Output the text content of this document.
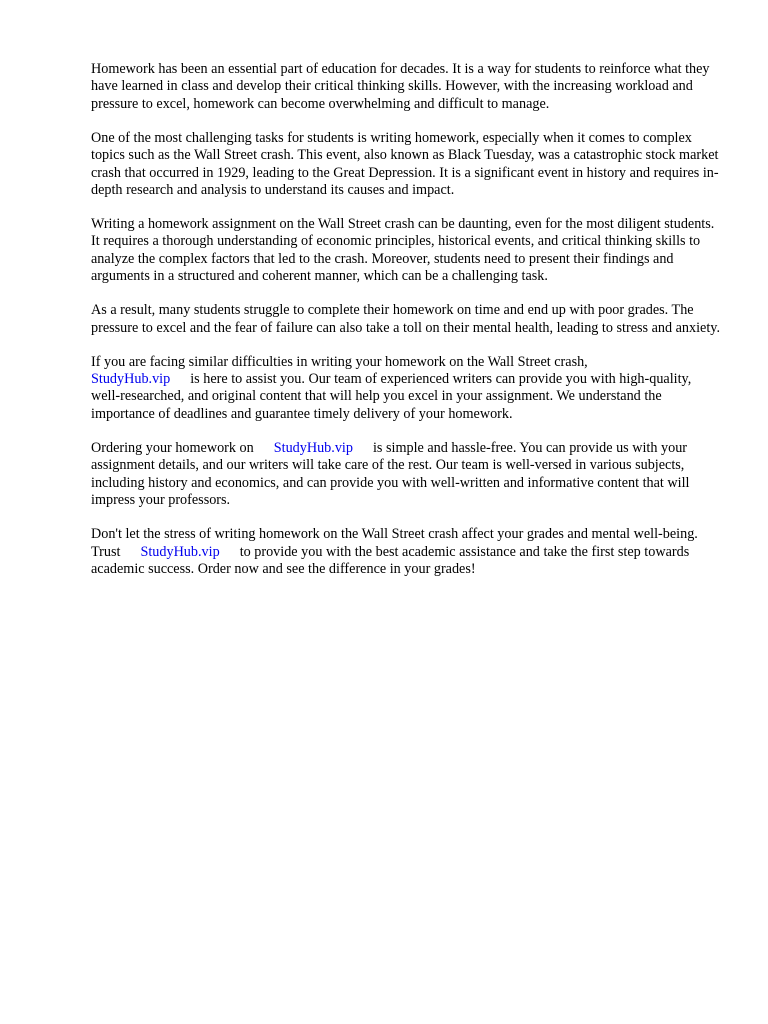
Homework has been an essential part of education for decades. It is a way for students to reinforce what they have learned in class and develop their critical thinking skills. However, with the increasing workload and pressure to excel, homework can become overwhelming and difficult to manage.

One of the most challenging tasks for students is writing homework, especially when it comes to complex topics such as the Wall Street crash. This event, also known as Black Tuesday, was a catastrophic stock market crash that occurred in 1929, leading to the Great Depression. It is a significant event in history and requires in-depth research and analysis to understand its causes and impact.

Writing a homework assignment on the Wall Street crash can be daunting, even for the most diligent students. It requires a thorough understanding of economic principles, historical events, and critical thinking skills to analyze the complex factors that led to the crash. Moreover, students need to present their findings and arguments in a structured and coherent manner, which can be a challenging task.

As a result, many students struggle to complete their homework on time and end up with poor grades. The pressure to excel and the fear of failure can also take a toll on their mental health, leading to stress and anxiety.

If you are facing similar difficulties in writing your homework on the Wall Street crash,
StudyHub.vip is here to assist you. Our team of experienced writers can provide you with high-quality, well-researched, and original content that will help you excel in your assignment. We understand the importance of deadlines and guarantee timely delivery of your homework.

Ordering your homework on StudyHub.vip is simple and hassle-free. You can provide us with your assignment details, and our writers will take care of the rest. Our team is well-versed in various subjects, including history and economics, and can provide you with well-written and informative content that will impress your professors.

Don't let the stress of writing homework on the Wall Street crash affect your grades and mental well-being. Trust StudyHub.vip to provide you with the best academic assistance and take the first step towards academic success. Order now and see the difference in your grades!
